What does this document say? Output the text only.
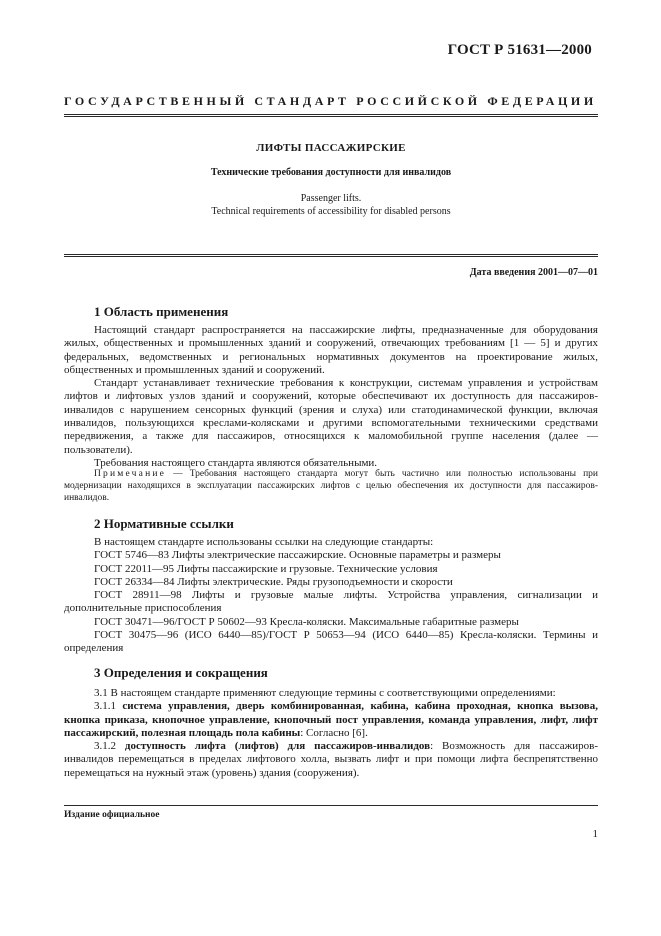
ГОСТ Р 51631—2000
ГОСУДАРСТВЕННЫЙ СТАНДАРТ РОССИЙСКОЙ ФЕДЕРАЦИИ
ЛИФТЫ ПАССАЖИРСКИЕ
Технические требования доступности для инвалидов
Passenger lifts.
Technical requirements of accessibility for disabled persons
Дата введения 2001—07—01
1 Область применения

Настоящий стандарт распространяется на пассажирские лифты, предназначенные для оборудования жилых, общественных и промышленных зданий и сооружений, отвечающих требованиям [1 — 5] и других федеральных, ведомственных и региональных нормативных документов на проектирование жилых, общественных и промышленных зданий и сооружений.

Стандарт устанавливает технические требования к конструкции, системам управления и устройствам лифтов и лифтовых узлов зданий и сооружений, которые обеспечивают их доступность для пассажиров-инвалидов с нарушением сенсорных функций (зрения и слуха) или статодинамической функции, включая инвалидов, пользующихся креслами-колясками и другими вспомогательными техническими средствами передвижения, а также для пассажиров, относящихся к маломобильной группе населения (далее — пользователи).

Требования настоящего стандарта являются обязательными.

Примечание — Требования настоящего стандарта могут быть частично или полностью использованы при модернизации находящихся в эксплуатации пассажирских лифтов с целью обеспечения их доступности для пассажиров-инвалидов.
2 Нормативные ссылки

В настоящем стандарте использованы ссылки на следующие стандарты:

ГОСТ 5746—83 Лифты электрические пассажирские. Основные параметры и размеры

ГОСТ 22011—95 Лифты пассажирские и грузовые. Технические условия

ГОСТ 26334—84 Лифты электрические. Ряды грузоподъемности и скорости

ГОСТ 28911—98 Лифты и грузовые малые лифты. Устройства управления, сигнализации и дополнительные приспособления

ГОСТ 30471—96/ГОСТ Р 50602—93 Кресла-коляски. Максимальные габаритные размеры

ГОСТ 30475—96 (ИСО 6440—85)/ГОСТ Р 50653—94 (ИСО 6440—85) Кресла-коляски. Термины и определения

3 Определения и сокращения

3.1 В настоящем стандарте применяют следующие термины с соответствующими определениями:

3.1.1 система управления, дверь комбинированная, кабина, кабина проходная, кнопка вызова, кнопка приказа, кнопочное управление, кнопочный пост управления, команда управления, лифт, лифт пассажирский, полезная площадь пола кабины: Согласно [6].

3.1.2 доступность лифта (лифтов) для пассажиров-инвалидов: Возможность для пассажиров-инвалидов перемещаться в пределах лифтового холла, вызвать лифт и при помощи лифта беспрепятственно перемещаться на нужный этаж (уровень) здания (сооружения).

Издание официальное
1
